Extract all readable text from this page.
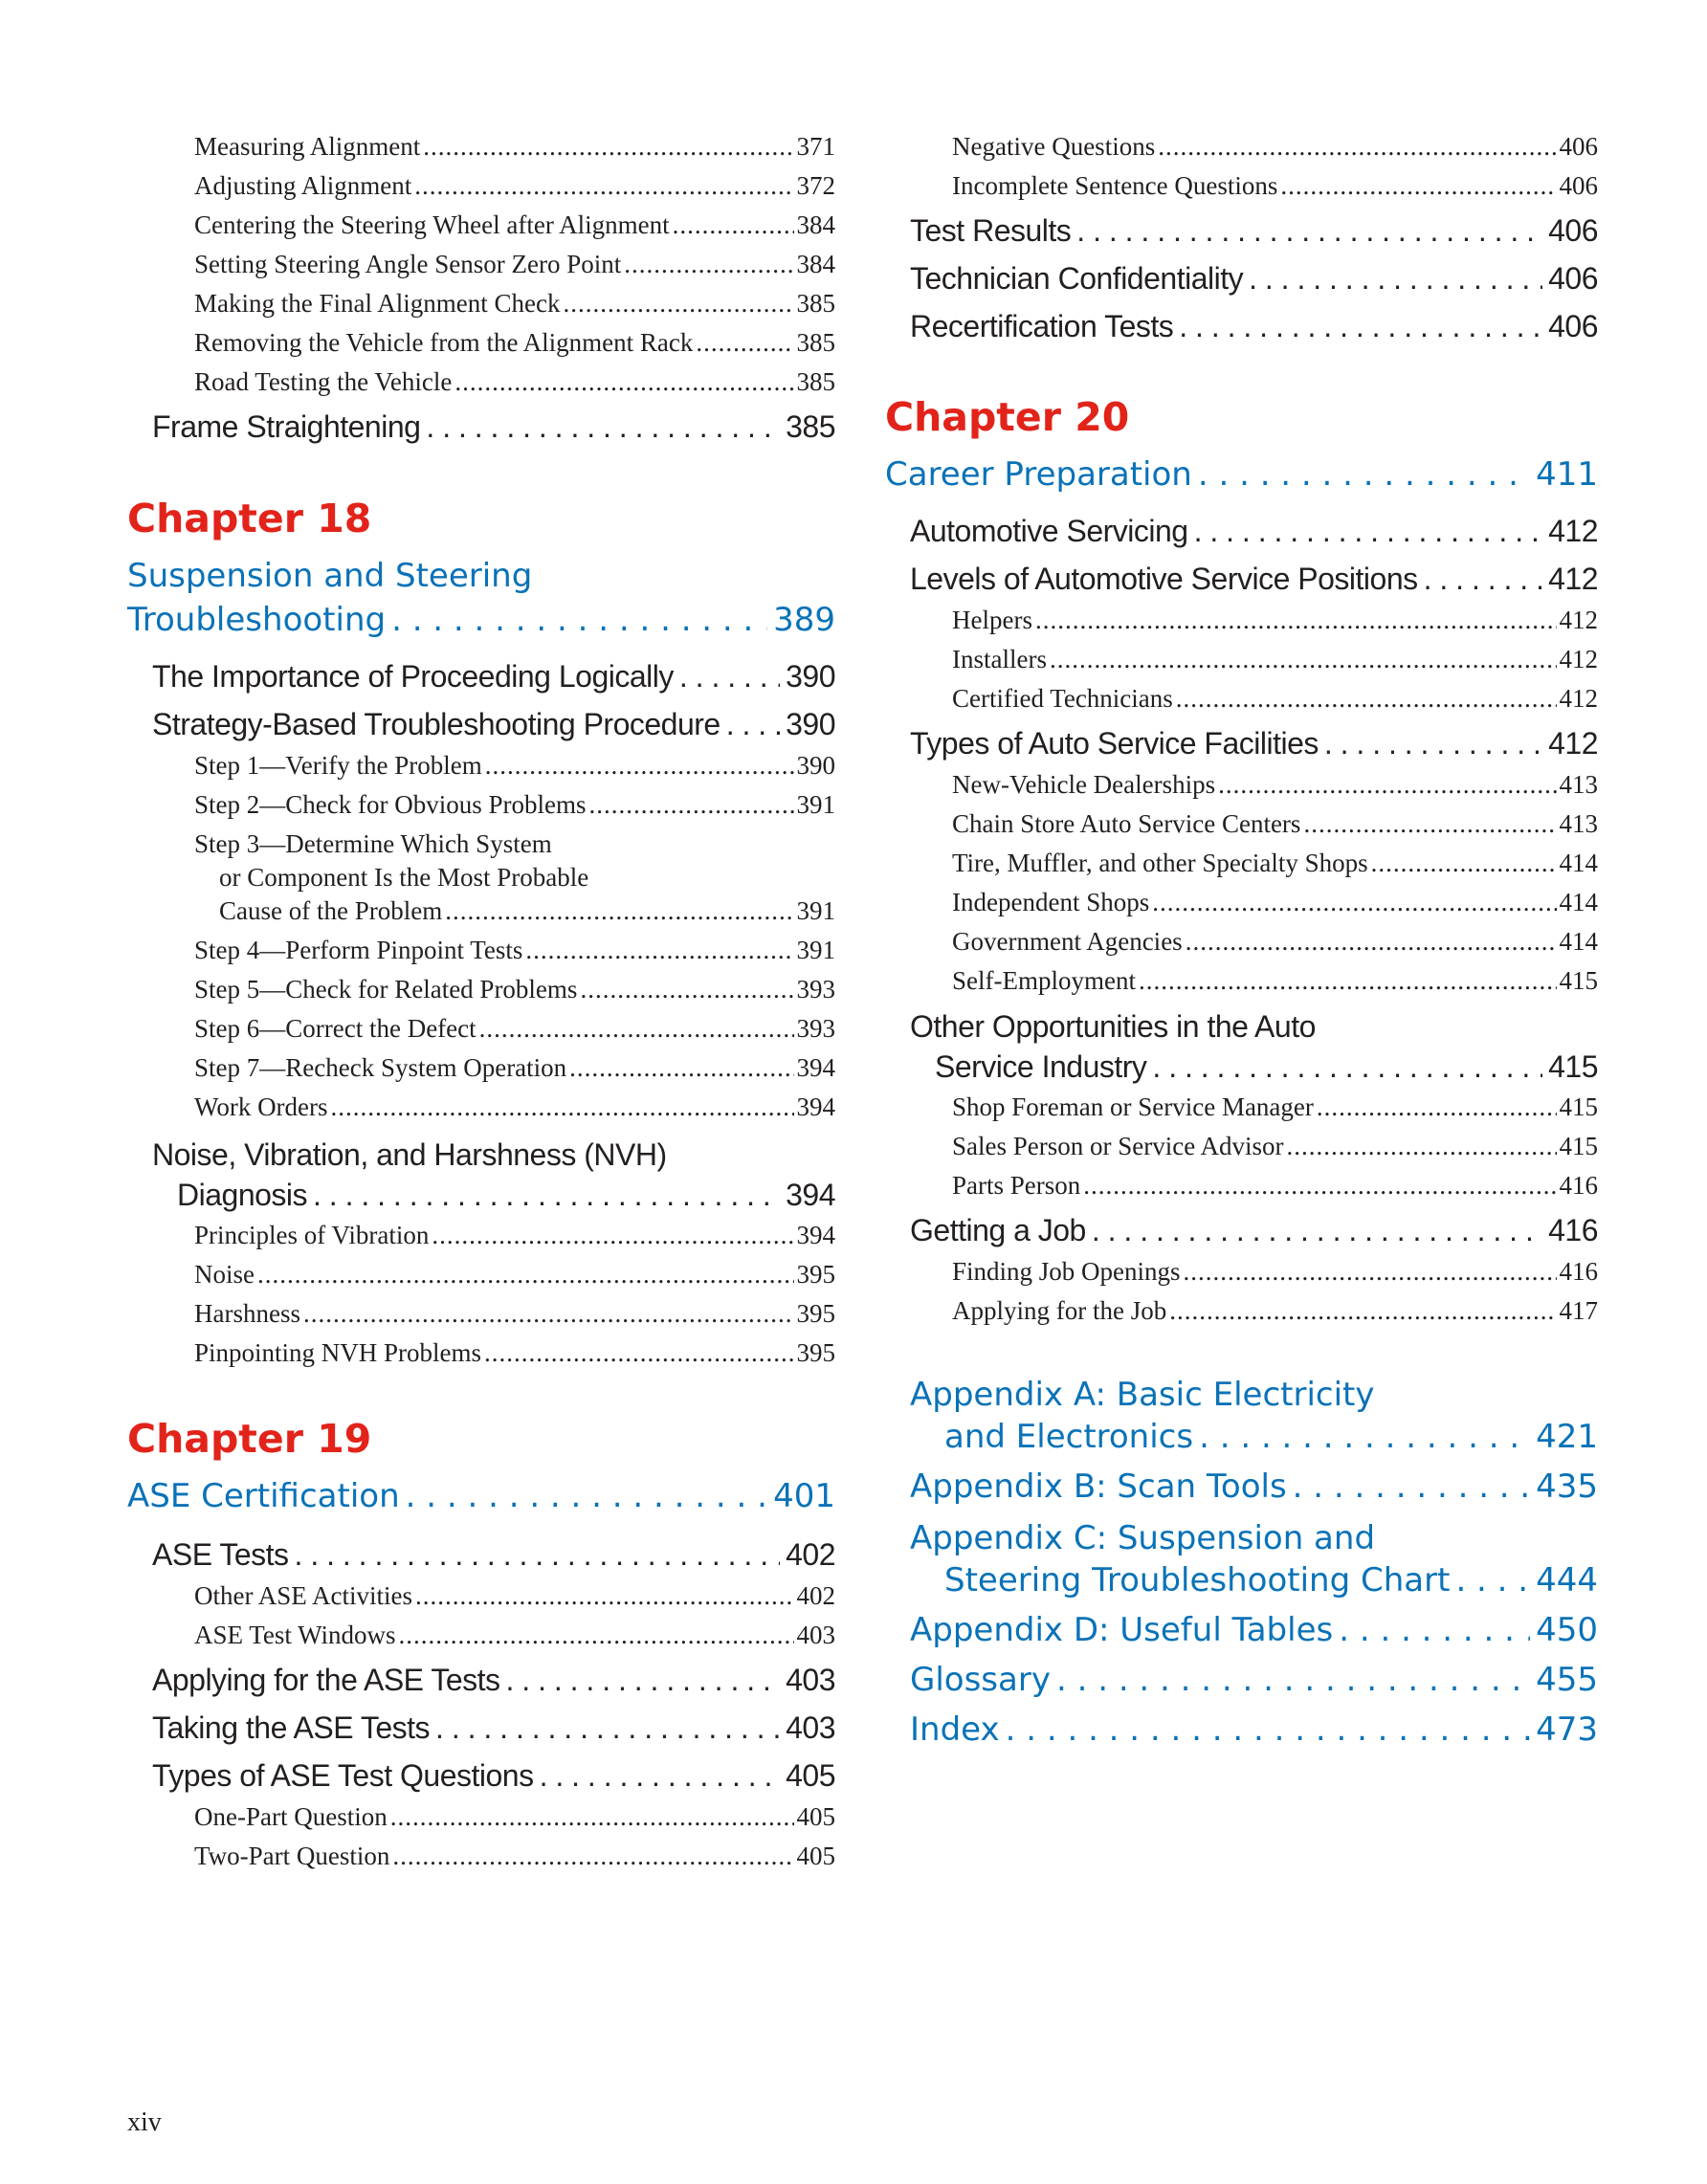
Measuring Alignment .....	371
Adjusting Alignment .....	372
Centering the Steering Wheel after Alignment .....	384
Setting Steering Angle Sensor Zero Point .....	384
Making the Final Alignment Check .....	385
Removing the Vehicle from the Alignment Rack .....	385
Road Testing the Vehicle .....	385
Frame Straightening . . .	385
Chapter 18
Suspension and Steering
Troubleshooting . . .	389
The Importance of Proceeding Logically . . .	390
Strategy-Based Troubleshooting Procedure . . . 390
Step 1—Verify the Problem .....	390
Step 2—Check for Obvious Problems .....	391
Step 3—Determine Which System
or Component Is the Most Probable
Cause of the Problem .....	391
Step 4—Perform Pinpoint Tests .....	391
Step 5—Check for Related Problems .....	393
Step 6—Correct the Defect .....	393
Step 7—Recheck System Operation .....	394
Work Orders .....	394
Noise, Vibration, and Harshness (NVH)
Diagnosis . . .	394
Principles of Vibration .....	394
Noise .....	395
Harshness .....	395
Pinpointing NVH Problems .....	395
Chapter 19
ASE Certification . . .	401
ASE Tests . . .	402
Other ASE Activities .....	402
ASE Test Windows .....	403
Applying for the ASE Tests . . .	403
Taking the ASE Tests . . .	403
Types of ASE Test Questions . . .	405
One-Part Question .....	405
Two-Part Question .....	405
Negative Questions .....	406
Incomplete Sentence Questions .....	406
Test Results . . .	406
Technician Confidentiality . . .	406
Recertification Tests . . .	406
Chapter 20
Career Preparation . . .	411
Automotive Servicing . . .	412
Levels of Automotive Service Positions . . .	412
Helpers .....	412
Installers .....	412
Certified Technicians .....	412
Types of Auto Service Facilities . . .	412
New-Vehicle Dealerships .....	413
Chain Store Auto Service Centers .....	413
Tire, Muffler, and other Specialty Shops .....	414
Independent Shops .....	414
Government Agencies .....	414
Self-Employment .....	415
Other Opportunities in the Auto
Service Industry . . .	415
Shop Foreman or Service Manager .....	415
Sales Person or Service Advisor .....	415
Parts Person .....	416
Getting a Job . . .	416
Finding Job Openings .....	416
Applying for the Job .....	417
Appendix A: Basic Electricity
and Electronics . . .	421
Appendix B: Scan Tools . . .	435
Appendix C: Suspension and
Steering Troubleshooting Chart . . .	444
Appendix D: Useful Tables . . .	450
Glossary . . .	455
Index . . .	473
xiv
